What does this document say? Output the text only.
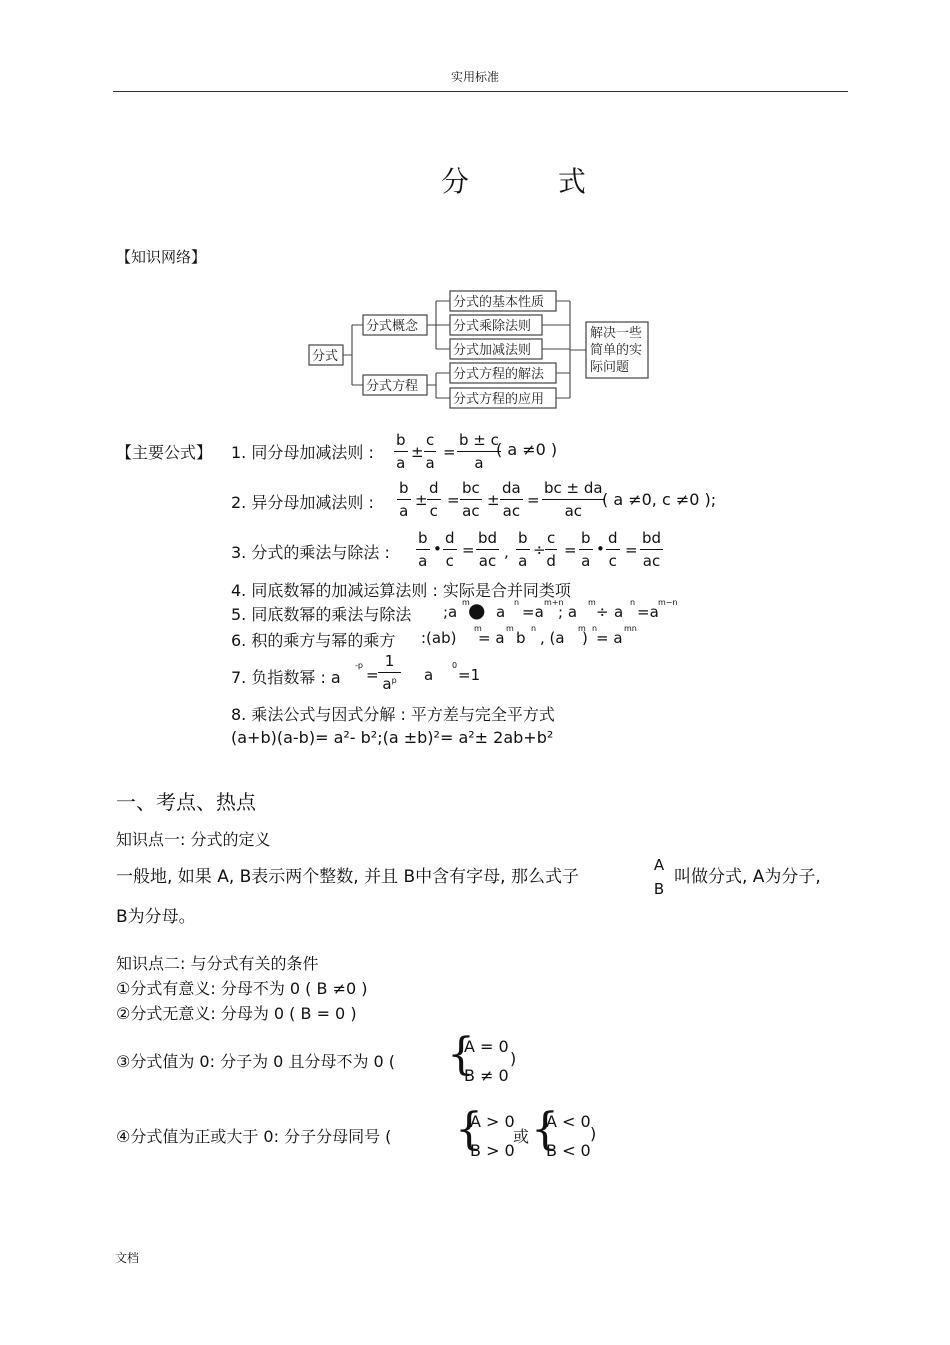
实用标准
分 式
【知识网络】
分式
分式概念
分式方程
分式的基本性质
分式乘除法则
分式加减法则
分式方程的解法
分式方程的应用
解决一些
简单的实
际问题
【主要公式】 1. 同分母加减法则 : $\frac{b}{a} \pm \frac{c}{a} = \frac{b \pm c}{a}$
( a ≠0 )
2. 异分母加减法则 : $\frac{b}{a} \pm \frac{d}{c} = \frac{bc}{ac} \pm \frac{da}{ac} = \frac{bc \pm da}{ac}$
( a ≠0, c ≠0 );
3. 分式的乘法与除法 : $\frac{b}{a}$ • $\frac{d}{c} = \frac{bd}{ac}$ , $\frac{b}{a} \div \frac{c}{d} = \frac{b}{a}$ • $\frac{d}{c} = \frac{bd}{ac}$
4. 同底数幂的加减运算法则 : 实际是合并同类项
5. 同底数幂的乘法与除法 ;a
m
● a
n
=a
m+n
; a
m
÷ a
n
=a
m−n
6. 积的乘方与幂的乘方 :(ab)
m
= a
m
b
n
, (a
m n
) = a
mn
7. 负指数幂 : a
-p
= $\frac{1}{a^p}$ a
0
=1
8. 乘法公式与因式分解 : 平方差与完全平方式
(a+b)(a-b)= a²- b²;(a ±b)²= a²± 2ab+b²
一、考点、热点
知识点一: 分式的定义
一般地, 如果 A, B表示两个整数, 并且 B中含有字母, 那么式子
A
B
叫做分式, A为分子,
B为分母。
知识点二: 与分式有关的条件
①分式有意义: 分母不为 0 ( B ≠0 )
②分式无意义: 分母为 0 ( B = 0 )
③分式值为 0: 分子为 0 且分母不为 0 ( {
A = 0
B ≠ 0
)
④分式值为正或大于 0: 分子分母同号 ( {
A > 0
B > 0
或 {
A < 0
B < 0
)
文档
